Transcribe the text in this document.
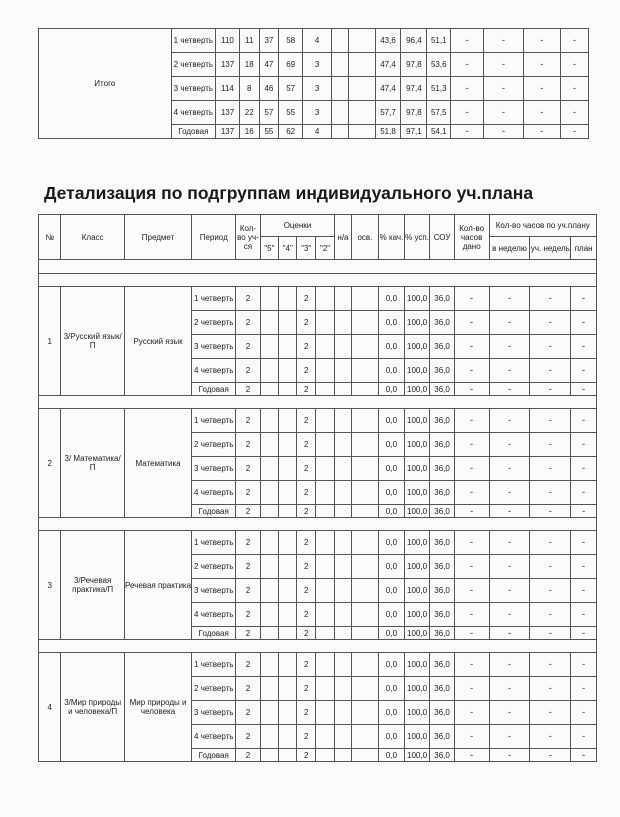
Итого	1 четверть	110	11	37	58	4			43,6	96,4	51,1	-	-	-	-
	2 четверть	137	18	47	69	3			47,4	97,8	53,6	-	-	-	-
	3 четверть	114	8	46	57	3			47,4	97,4	51,3	-	-	-	-
	4 четверть	137	22	57	55	3			57,7	97,8	57,5	-	-	-	-
	Годовая	137	16	55	62	4			51,8	97,1	54,1	-	-	-	-
Детализация по подгруппам индивидуального уч.плана
№	Класс	Предмет	Период	Кол-во уч-ся	Оценки				н/а	осв.	% кач.	% усп.	СОУ	Кол-во часов дано	Кол-во часов по уч.плану		
					"5"	"4"	"3"	"2"							в неделю	уч. недель	план

1	3/Русский язык/П	Русский язык	1 четверть	2			2				0,0	100,0	36,0	-	-	-	-
			2 четверть	2			2				0,0	100,0	36,0	-	-	-	-
			3 четверть	2			2				0,0	100,0	36,0	-	-	-	-
			4 четверть	2			2				0,0	100,0	36,0	-	-	-	-
			Годовая	2			2				0,0	100,0	36,0	-	-	-	-

2	3/ Математика/ П	Математика	1 четверть	2			2				0,0	100,0	36,0	-	-	-	-
			2 четверть	2			2				0,0	100,0	36,0	-	-	-	-
			3 четверть	2			2				0,0	100,0	36,0	-	-	-	-
			4 четверть	2			2				0,0	100,0	36,0	-	-	-	-
			Годовая	2			2				0,0	100,0	36,0	-	-	-	-

3	3/Речевая практика/П	Речевая практика	1 четверть	2			2				0,0	100,0	36,0	-	-	-	-
			2 четверть	2			2				0,0	100,0	36,0	-	-	-	-
			3 четверть	2			2				0,0	100,0	36,0	-	-	-	-
			4 четверть	2			2				0,0	100,0	36,0	-	-	-	-
			Годовая	2			2				0,0	100,0	36,0	-	-	-	-

4	3/Мир природы и человека/П	Мир природы и человека	1 четверть	2			2				0,0	100,0	36,0	-	-	-	-
			2 четверть	2			2				0,0	100,0	36,0	-	-	-	-
			3 четверть	2			2				0,0	100,0	36,0	-	-	-	-
			4 четверть	2			2				0,0	100,0	36,0	-	-	-	-
			Годовая	2			2				0,0	100,0	36,0	-	-	-	-
